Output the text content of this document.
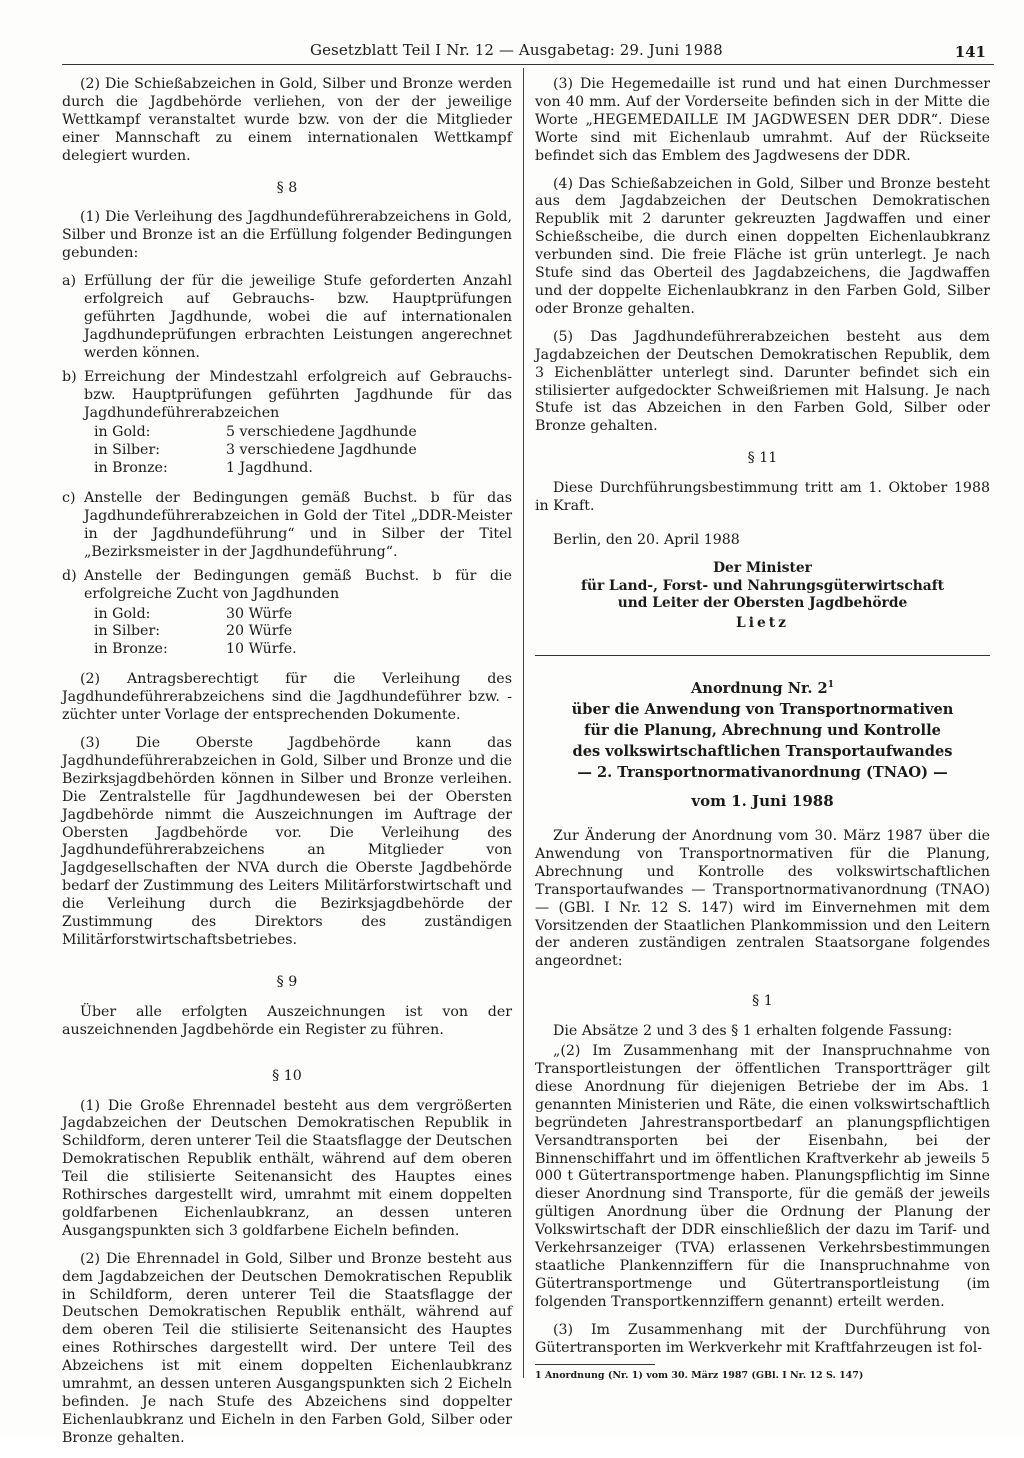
Gesetzblatt Teil I Nr. 12 — Ausgabetag: 29. Juni 1988	141

(2) Die Schießabzeichen in Gold, Silber und Bronze werden durch die Jagdbehörde verliehen, von der der jeweilige Wettkampf veranstaltet wurde bzw. von der die Mitglieder einer Mannschaft zu einem internationalen Wettkampf delegiert wurden.

§ 8

(1) Die Verleihung des Jagdhundeführerabzeichens in Gold, Silber und Bronze ist an die Erfüllung folgender Bedingungen gebunden:

a) Erfüllung der für die jeweilige Stufe geforderten Anzahl erfolgreich auf Gebrauchs- bzw. Hauptprüfungen geführten Jagdhunde, wobei die auf internationalen Jagdhundeprüfungen erbrachten Leistungen angerechnet werden können.
b) Erreichung der Mindestzahl erfolgreich auf Gebrauchs- bzw. Hauptprüfungen geführten Jagdhunde für das Jagdhundeführerabzeichen
in Gold:	5 verschiedene Jagdhunde
in Silber:	3 verschiedene Jagdhunde
in Bronze:	1 Jagdhund.
c) Anstelle der Bedingungen gemäß Buchst. b für das Jagdhundeführerabzeichen in Gold der Titel „DDR-Meister in der Jagdhundeführung“ und in Silber der Titel „Bezirksmeister in der Jagdhundeführung“.
d) Anstelle der Bedingungen gemäß Buchst. b für die erfolgreiche Zucht von Jagdhunden
in Gold:	30 Würfe
in Silber:	20 Würfe
in Bronze:	10 Würfe.

(2) Antragsberechtigt für die Verleihung des Jagdhundeführerabzeichens sind die Jagdhundeführer bzw. -züchter unter Vorlage der entsprechenden Dokumente.

(3) Die Oberste Jagdbehörde kann das Jagdhundeführerabzeichen in Gold, Silber und Bronze und die Bezirksjagdbehörden können in Silber und Bronze verleihen. Die Zentralstelle für Jagdhundewesen bei der Obersten Jagdbehörde nimmt die Auszeichnungen im Auftrage der Obersten Jagdbehörde vor. Die Verleihung des Jagdhundeführerabzeichens an Mitglieder von Jagdgesellschaften der NVA durch die Oberste Jagdbehörde bedarf der Zustimmung des Leiters Militärforstwirtschaft und die Verleihung durch die Bezirksjagdbehörde der Zustimmung des Direktors des zuständigen Militärforstwirtschaftsbetriebes.

§ 9

Über alle erfolgten Auszeichnungen ist von der auszeichnenden Jagdbehörde ein Register zu führen.

§ 10

(1) Die Große Ehrennadel besteht aus dem vergrößerten Jagdabzeichen der Deutschen Demokratischen Republik in Schildform, deren unterer Teil die Staatsflagge der Deutschen Demokratischen Republik enthält, während auf dem oberen Teil die stilisierte Seitenansicht des Hauptes eines Rothirsches dargestellt wird, umrahmt mit einem doppelten goldfarbenen Eichenlaubkranz, an dessen unteren Ausgangspunkten sich 3 goldfarbene Eicheln befinden.

(2) Die Ehrennadel in Gold, Silber und Bronze besteht aus dem Jagdabzeichen der Deutschen Demokratischen Republik in Schildform, deren unterer Teil die Staatsflagge der Deutschen Demokratischen Republik enthält, während auf dem oberen Teil die stilisierte Seitenansicht des Hauptes eines Rothirsches dargestellt wird. Der untere Teil des Abzeichens ist mit einem doppelten Eichenlaubkranz umrahmt, an dessen unteren Ausgangspunkten sich 2 Eicheln befinden. Je nach Stufe des Abzeichens sind doppelter Eichenlaubkranz und Eicheln in den Farben Gold, Silber oder Bronze gehalten.

(3) Die Hegemedaille ist rund und hat einen Durchmesser von 40 mm. Auf der Vorderseite befinden sich in der Mitte die Worte „HEGEMEDAILLE IM JAGDWESEN DER DDR“. Diese Worte sind mit Eichenlaub umrahmt. Auf der Rückseite befindet sich das Emblem des Jagdwesens der DDR.

(4) Das Schießabzeichen in Gold, Silber und Bronze besteht aus dem Jagdabzeichen der Deutschen Demokratischen Republik mit 2 darunter gekreuzten Jagdwaffen und einer Schießscheibe, die durch einen doppelten Eichenlaubkranz verbunden sind. Die freie Fläche ist grün unterlegt. Je nach Stufe sind das Oberteil des Jagdabzeichens, die Jagdwaffen und der doppelte Eichenlaubkranz in den Farben Gold, Silber oder Bronze gehalten.

(5) Das Jagdhundeführerabzeichen besteht aus dem Jagdabzeichen der Deutschen Demokratischen Republik, dem 3 Eichenblätter unterlegt sind. Darunter befindet sich ein stilisierter aufgedockter Schweißriemen mit Halsung. Je nach Stufe ist das Abzeichen in den Farben Gold, Silber oder Bronze gehalten.

§ 11

Diese Durchführungsbestimmung tritt am 1. Oktober 1988 in Kraft.

Berlin, den 20. April 1988

Der Minister
für Land-, Forst- und Nahrungsgüterwirtschaft
und Leiter der Obersten Jagdbehörde
Lietz
Anordnung Nr. $2^1$
über die Anwendung von Transportnormativen
für die Planung, Abrechnung und Kontrolle
des volkswirtschaftlichen Transportaufwandes
— 2. Transportnormativanordnung (TNAO) —
vom 1. Juni 1988

Zur Änderung der Anordnung vom 30. März 1987 über die Anwendung von Transportnormativen für die Planung, Abrechnung und Kontrolle des volkswirtschaftlichen Transportaufwandes — Transportnormativanordnung (TNAO) — (GBl. I Nr. 12 S. 147) wird im Einvernehmen mit dem Vorsitzenden der Staatlichen Plankommission und den Leitern der anderen zuständigen zentralen Staatsorgane folgendes angeordnet:

§ 1

Die Absätze 2 und 3 des § 1 erhalten folgende Fassung:

„(2) Im Zusammenhang mit der Inanspruchnahme von Transportleistungen der öffentlichen Transportträger gilt diese Anordnung für diejenigen Betriebe der im Abs. 1 genannten Ministerien und Räte, die einen volkswirtschaftlich begründeten Jahrestransportbedarf an planungspflichtigen Versandtransporten bei der Eisenbahn, bei der Binnenschiffahrt und im öffentlichen Kraftverkehr ab jeweils 5 000 t Gütertransportmenge haben. Planungspflichtig im Sinne dieser Anordnung sind Transporte, für die gemäß der jeweils gültigen Anordnung über die Ordnung der Planung der Volkswirtschaft der DDR einschließlich der dazu im Tarif- und Verkehrsanzeiger (TVA) erlassenen Verkehrsbestimmungen staatliche Plankennziffern für die Inanspruchnahme von Gütertransportmenge und Gütertransportleistung (im folgenden Transportkennziffern genannt) erteilt werden.

(3) Im Zusammenhang mit der Durchführung von Gütertransporten im Werkverkehr mit Kraftfahrzeugen ist fol-

1 Anordnung (Nr. 1) vom 30. März 1987 (GBl. I Nr. 12 S. 147)
